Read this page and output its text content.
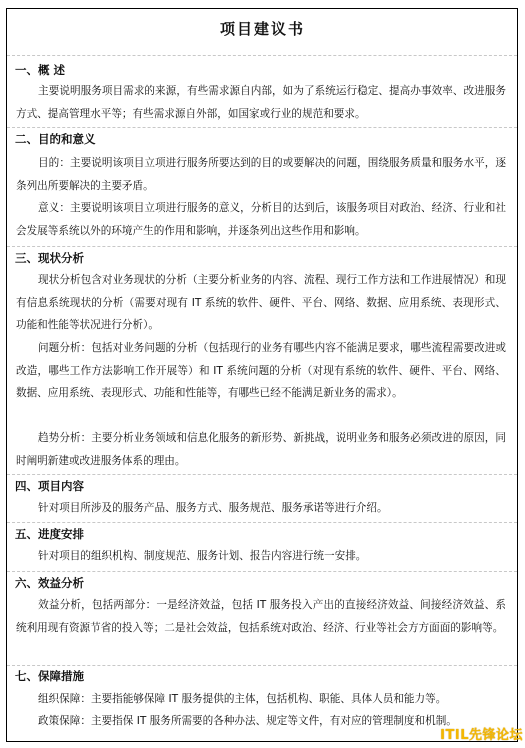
项目建议书
一、概 述
主要说明服务项目需求的来源，有些需求源自内部，如为了系统运行稳定、提高办事效率、改进服务方式、提高管理水平等；有些需求源自外部，如国家或行业的规范和要求。
二、目的和意义
目的：主要说明该项目立项进行服务所要达到的目的或要解决的问题，围绕服务质量和服务水平，逐条列出所要解决的主要矛盾。
意义：主要说明该项目立项进行服务的意义，分析目的达到后，该服务项目对政治、经济、行业和社会发展等系统以外的环境产生的作用和影响，并逐条列出这些作用和影响。
三、现状分析
现状分析包含对业务现状的分析（主要分析业务的内容、流程、现行工作方法和工作进展情况）和现有信息系统现状的分析（需要对现有 IT 系统的软件、硬件、平台、网络、数据、应用系统、表现形式、功能和性能等状况进行分析）。
问题分析：包括对业务问题的分析（包括现行的业务有哪些内容不能满足要求，哪些流程需要改进或改造，哪些工作方法影响工作开展等）和 IT 系统问题的分析（对现有系统的软件、硬件、平台、网络、数据、应用系统、表现形式、功能和性能等，有哪些已经不能满足新业务的需求）。
趋势分析：主要分析业务领域和信息化服务的新形势、新挑战，说明业务和服务必须改进的原因，同时阐明新建或改进服务体系的理由。
四、项目内容
针对项目所涉及的服务产品、服务方式、服务规范、服务承诺等进行介绍。
五、进度安排
针对项目的组织机构、制度规范、服务计划、报告内容进行统一安排。
六、效益分析
效益分析，包括两部分：一是经济效益，包括 IT 服务投入产出的直接经济效益、间接经济效益、系统利用现有资源节省的投入等；二是社会效益，包括系统对政治、经济、行业等社会方方面面的影响等。
七、保障措施
组织保障：主要指能够保障 IT 服务提供的主体，包括机构、职能、具体人员和能力等。
政策保障：主要指保 IT 服务所需要的各种办法、规定等文件，有对应的管理制度和机制。
ITIL先锋论坛
